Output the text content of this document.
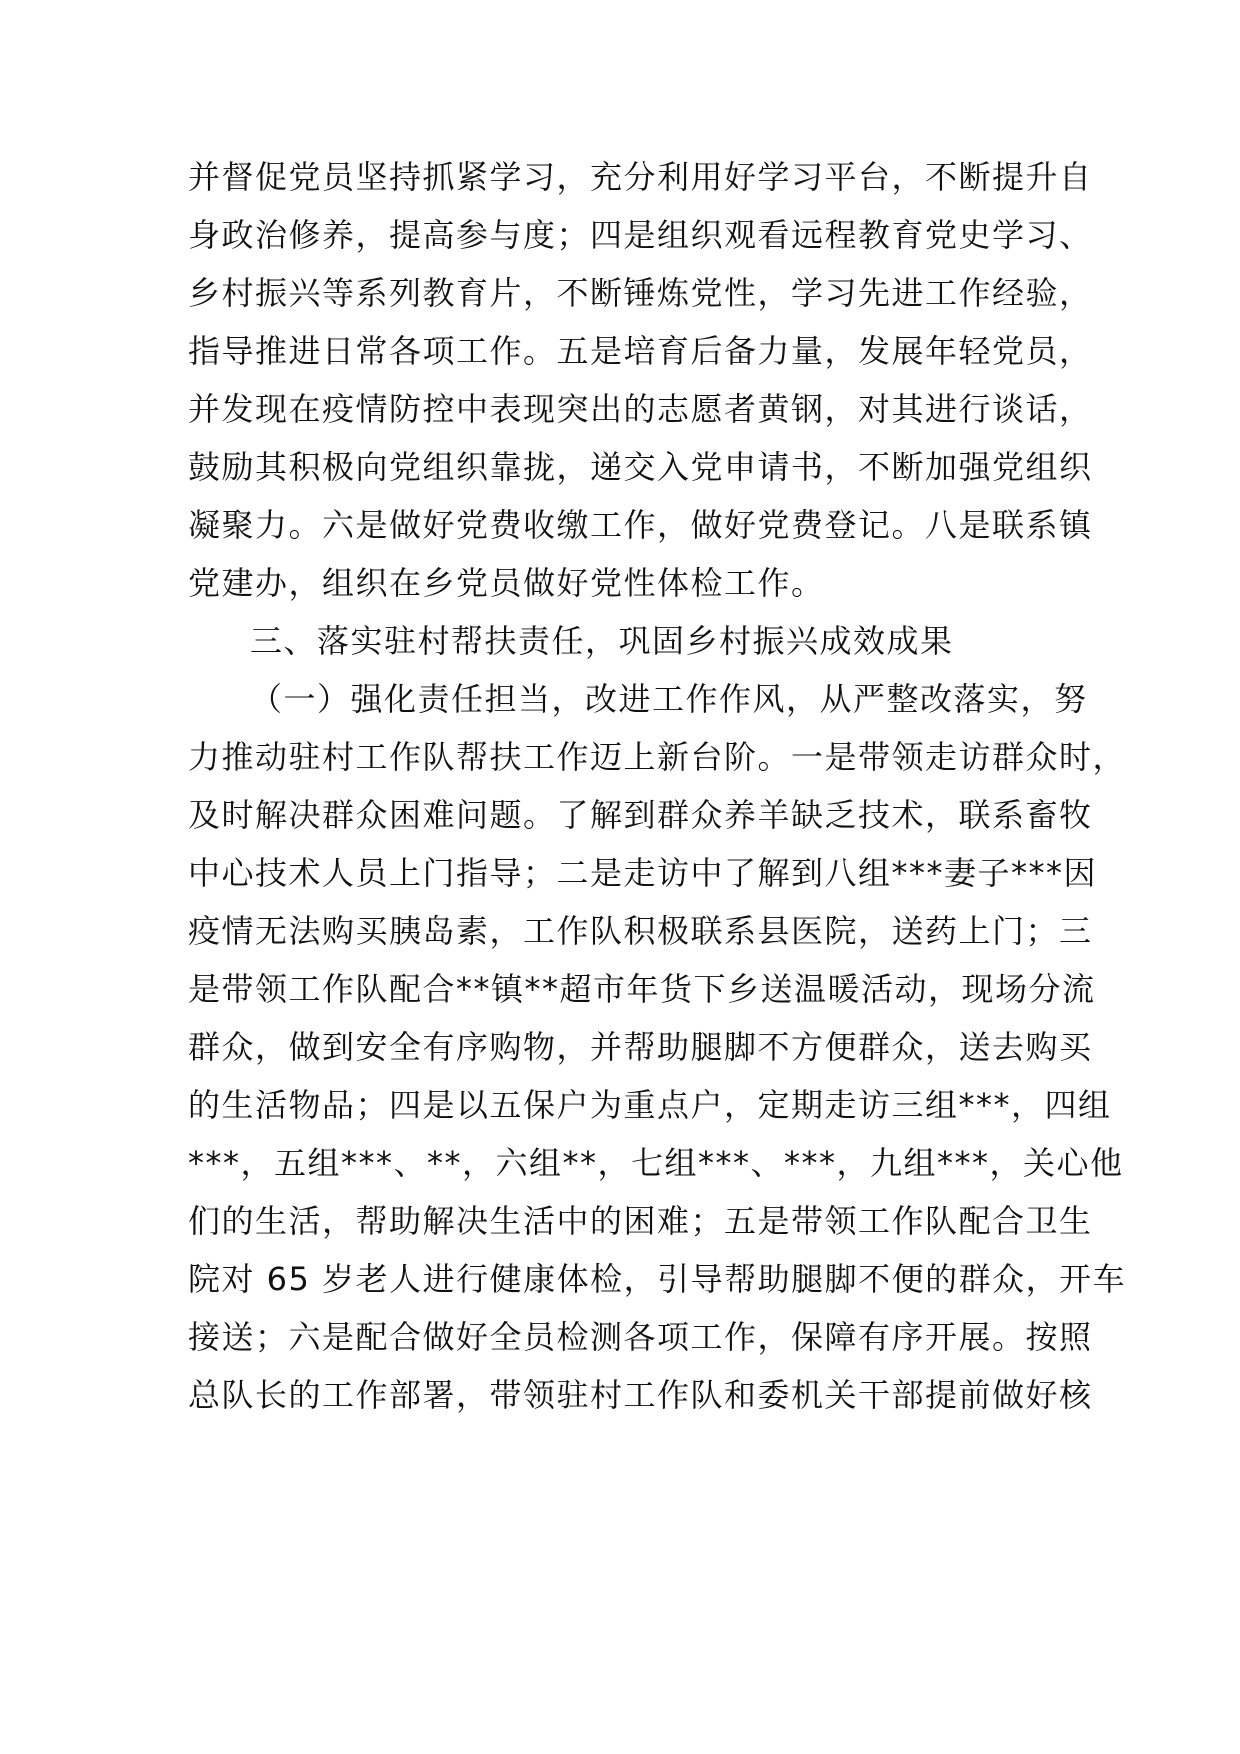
并督促党员坚持抓紧学习，充分利用好学习平台，不断提升自
身政治修养，提高参与度；四是组织观看远程教育党史学习、
乡村振兴等系列教育片，不断锤炼党性，学习先进工作经验，
指导推进日常各项工作。五是培育后备力量，发展年轻党员，
并发现在疫情防控中表现突出的志愿者黄钢，对其进行谈话，
鼓励其积极向党组织靠拢，递交入党申请书，不断加强党组织
凝聚力。六是做好党费收缴工作，做好党费登记。八是联系镇
党建办，组织在乡党员做好党性体检工作。
三、落实驻村帮扶责任，巩固乡村振兴成效成果
（一）强化责任担当，改进工作作风，从严整改落实，努
力推动驻村工作队帮扶工作迈上新台阶。一是带领走访群众时，
及时解决群众困难问题。了解到群众养羊缺乏技术，联系畜牧
中心技术人员上门指导；二是走访中了解到八组***妻子***因
疫情无法购买胰岛素，工作队积极联系县医院，送药上门；三
是带领工作队配合**镇**超市年货下乡送温暖活动，现场分流
群众，做到安全有序购物，并帮助腿脚不方便群众，送去购买
的生活物品；四是以五保户为重点户，定期走访三组***，四组
***，五组***、**，六组**，七组***、***，九组***，关心他
们的生活，帮助解决生活中的困难；五是带领工作队配合卫生
院对 65 岁老人进行健康体检，引导帮助腿脚不便的群众，开车
接送；六是配合做好全员检测各项工作，保障有序开展。按照
总队长的工作部署，带领驻村工作队和委机关干部提前做好核
